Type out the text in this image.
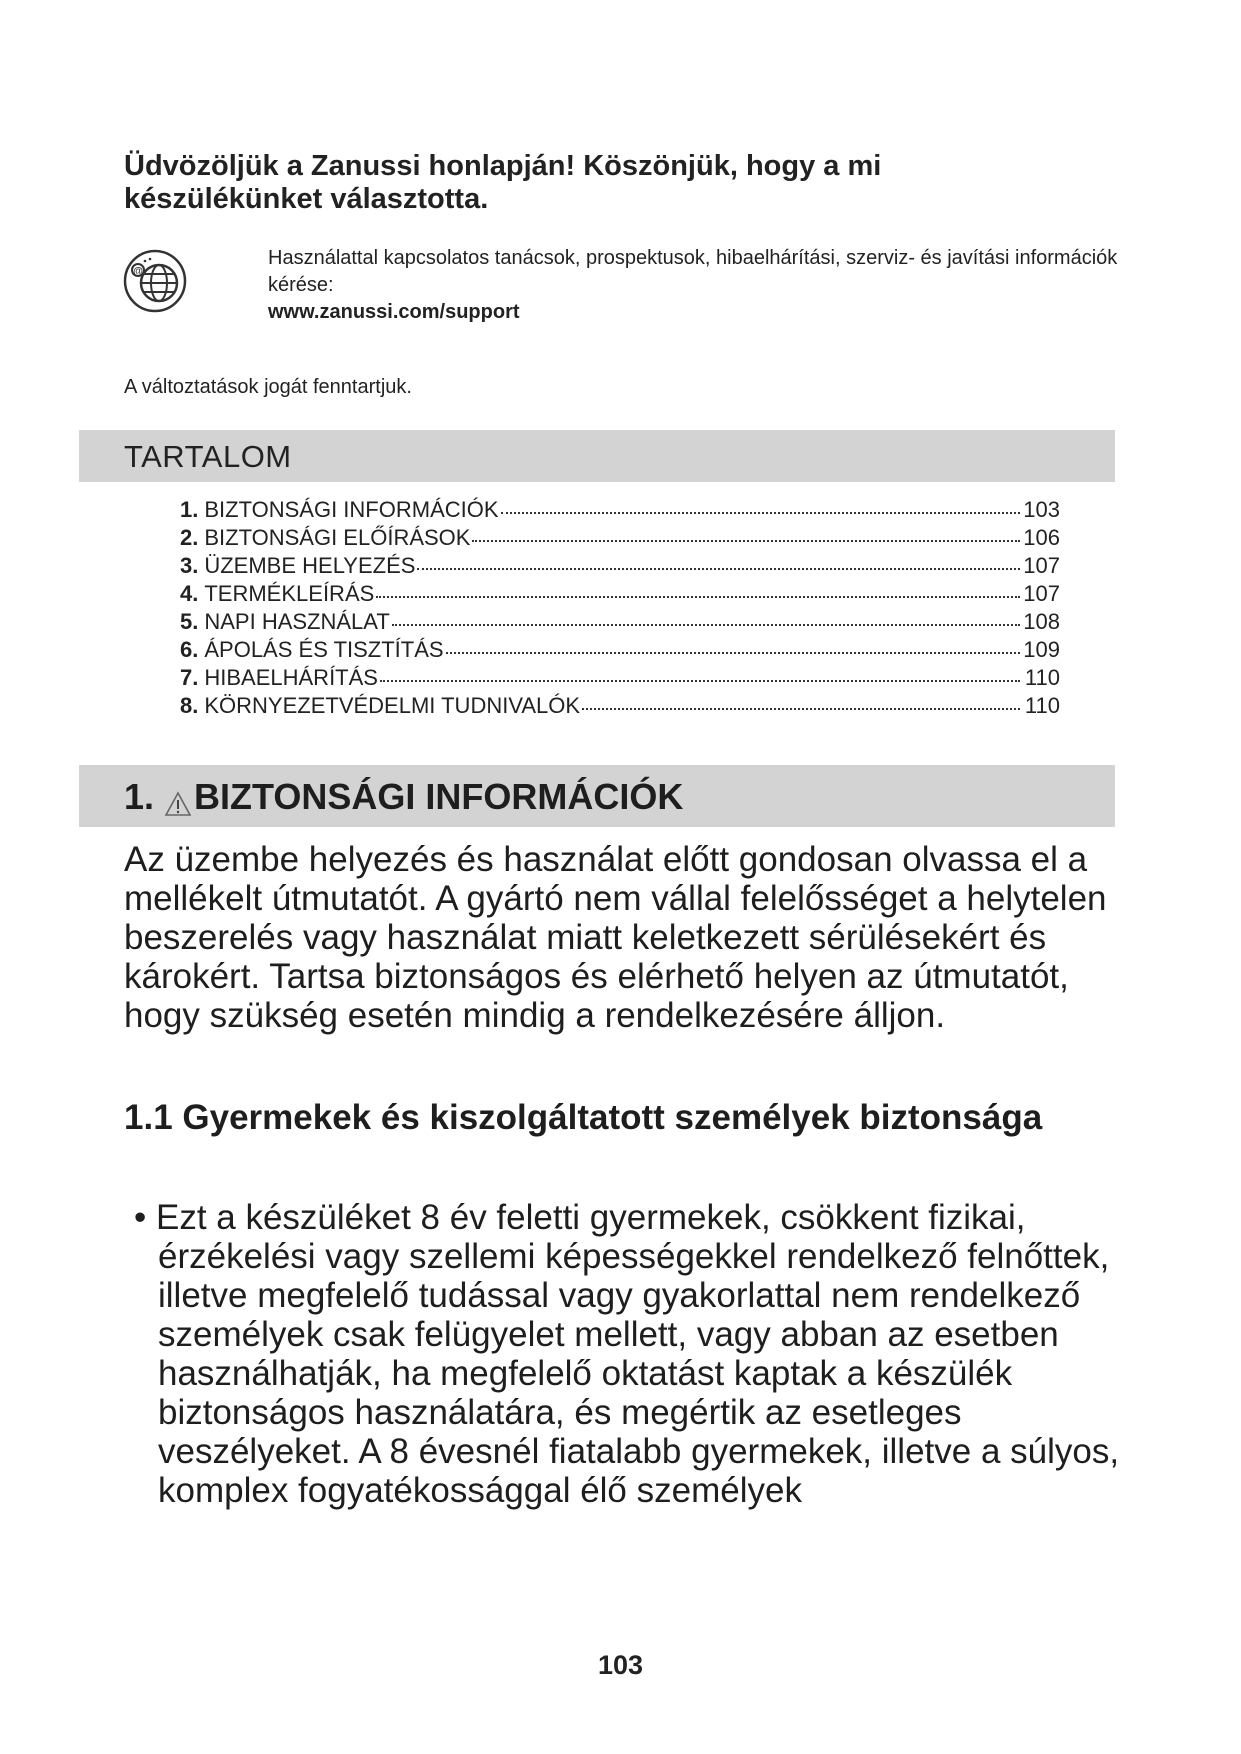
Üdvözöljük a Zanussi honlapján! Köszönjük, hogy a mi készülékünket választotta.
@
Használattal kapcsolatos tanácsok, prospektusok, hibaelhárítási, szerviz- és javítási információk kérése:
www.zanussi.com/support
A változtatások jogát fenntartjuk.
TARTALOM
1. BIZTONSÁGI INFORMÁCIÓK	103
2. BIZTONSÁGI ELŐÍRÁSOK	106
3. ÜZEMBE HELYEZÉS	107
4. TERMÉKLEÍRÁS	107
5. NAPI HASZNÁLAT	108
6. ÁPOLÁS ÉS TISZTÍTÁS	109
7. HIBAELHÁRÍTÁS	110
8. KÖRNYEZETVÉDELMI TUDNIVALÓK	110
1. BIZTONSÁGI INFORMÁCIÓK
Az üzembe helyezés és használat előtt gondosan olvassa el a mellékelt útmutatót. A gyártó nem vállal felelősséget a helytelen beszerelés vagy használat miatt keletkezett sérülésekért és károkért. Tartsa biztonságos és elérhető helyen az útmutatót, hogy szükség esetén mindig a rendelkezésére álljon.
1.1 Gyermekek és kiszolgáltatott személyek biztonsága
• Ezt a készüléket 8 év feletti gyermekek, csökkent fizikai, érzékelési vagy szellemi képességekkel rendelkező felnőttek, illetve megfelelő tudással vagy gyakorlattal nem rendelkező személyek csak felügyelet mellett, vagy abban az esetben használhatják, ha megfelelő oktatást kaptak a készülék biztonságos használatára, és megértik az esetleges veszélyeket. A 8 évesnél fiatalabb gyermekek, illetve a súlyos, komplex fogyatékossággal élő személyek
103
